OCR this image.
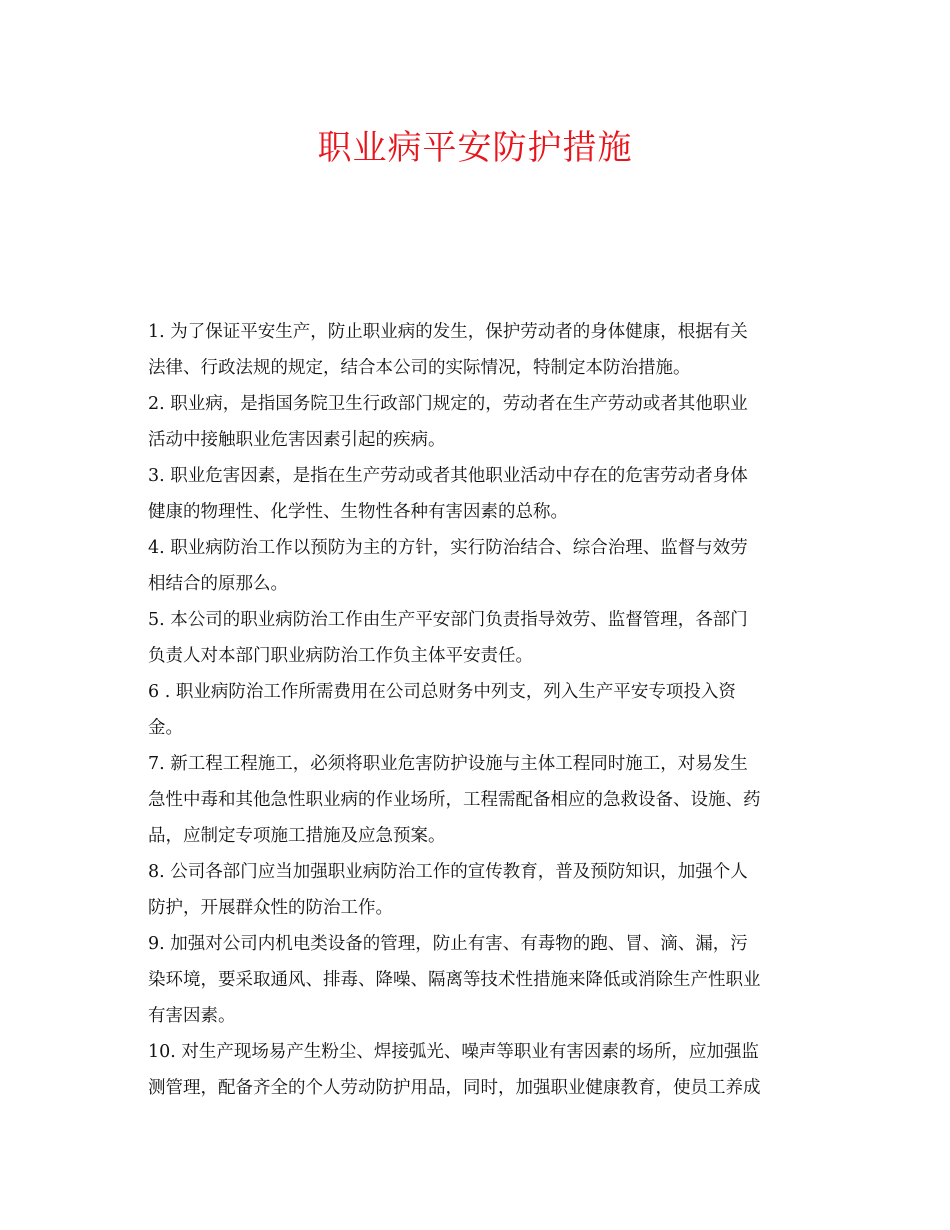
职业病平安防护措施
1. 为了保证平安生产，防止职业病的发生，保护劳动者的身体健康，根据有关
法律、行政法规的规定，结合本公司的实际情况，特制定本防治措施。
2. 职业病，是指国务院卫生行政部门规定的，劳动者在生产劳动或者其他职业
活动中接触职业危害因素引起的疾病。
3. 职业危害因素，是指在生产劳动或者其他职业活动中存在的危害劳动者身体
健康的物理性、化学性、生物性各种有害因素的总称。
4. 职业病防治工作以预防为主的方针，实行防治结合、综合治理、监督与效劳
相结合的原那么。
5. 本公司的职业病防治工作由生产平安部门负责指导效劳、监督管理，各部门
负责人对本部门职业病防治工作负主体平安责任。
6 . 职业病防治工作所需费用在公司总财务中列支，列入生产平安专项投入资
金。
7. 新工程工程施工，必须将职业危害防护设施与主体工程同时施工，对易发生
急性中毒和其他急性职业病的作业场所，工程需配备相应的急救设备、设施、药
品，应制定专项施工措施及应急预案。
8. 公司各部门应当加强职业病防治工作的宣传教育，普及预防知识，加强个人
防护，开展群众性的防治工作。
9. 加强对公司内机电类设备的管理，防止有害、有毒物的跑、冒、滴、漏，污
染环境，要采取通风、排毒、降噪、隔离等技术性措施来降低或消除生产性职业
有害因素。
10. 对生产现场易产生粉尘、焊接弧光、噪声等职业有害因素的场所，应加强监
测管理，配备齐全的个人劳动防护用品，同时，加强职业健康教育，使员工养成
